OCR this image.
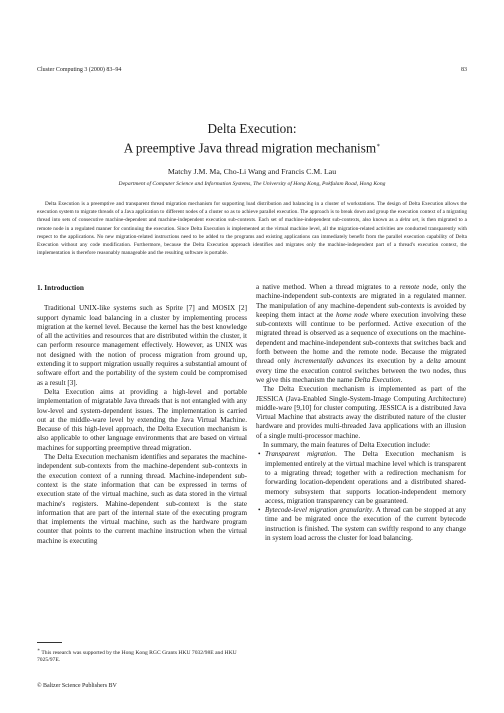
Cluster Computing 3 (2000) 83–94	83
Delta Execution:
A preemptive Java thread migration mechanism∗
Matchy J.M. Ma, Cho-Li Wang and Francis C.M. Lau
Department of Computer Science and Information Systems, The University of Hong Kong, Pokfulam Road, Hong Kong
Delta Execution is a preemptive and transparent thread migration mechanism for supporting load distribution and balancing in a cluster of workstations. The design of Delta Execution allows the execution system to migrate threads of a Java application to different nodes of a cluster so as to achieve parallel execution. The approach is to break down and group the execution context of a migrating thread into sets of consecutive machine-dependent and machine-independent execution sub-contexts. Each set of machine-independent sub-contexts, also known as a delta set, is then migrated to a remote node in a regulated manner for continuing the execution. Since Delta Execution is implemented at the virtual machine level, all the migration-related activities are conducted transparently with respect to the applications. No new migration-related instructions need to be added to the programs and existing applications can immediately benefit from the parallel execution capability of Delta Execution without any code modification. Furthermore, because the Delta Execution approach identifies and migrates only the machine-independent part of a thread's execution context, the implementation is therefore reasonably manageable and the resulting software is portable.
1. Introduction

Traditional UNIX-like systems such as Sprite [7] and MOSIX [2] support dynamic load balancing in a cluster by implementing process migration at the kernel level. Because the kernel has the best knowledge of all the activities and resources that are distributed within the cluster, it can perform resource management effectively. However, as UNIX was not designed with the notion of process migration from ground up, extending it to support migration usually requires a substantial amount of software effort and the portability of the system could be compromised as a result [3].

Delta Execution aims at providing a high-level and portable implementation of migratable Java threads that is not entangled with any low-level and system-dependent issues. The implementation is carried out at the middle-ware level by extending the Java Virtual Machine. Because of this high-level approach, the Delta Execution mechanism is also applicable to other language environments that are based on virtual machines for supporting preemptive thread migration.

The Delta Execution mechanism identifies and separates the machine-independent sub-contexts from the machine-dependent sub-contexts in the execution context of a running thread. Machine-independent sub-context is the state information that can be expressed in terms of execution state of the virtual machine, such as data stored in the virtual machine's registers. Mahine-dependent sub-context is the state information that are part of the internal state of the executing program that implements the virtual machine, such as the hardware program counter that points to the current machine instruction when the virtual machine is executing

a native method. When a thread migrates to a remote node, only the machine-independent sub-contexts are migrated in a regulated manner. The manipulation of any machine-dependent sub-contexts is avoided by keeping them intact at the home node where execution involving these sub-contexts will continue to be performed. Active execution of the migrated thread is observed as a sequence of executions on the machine-dependent and machine-independent sub-contexts that switches back and forth between the home and the remote node. Because the migrated thread only incrementally advances its execution by a delta amount every time the execution control switches between the two nodes, thus we give this mechanism the name Delta Execution.

The Delta Execution mechanism is implemented as part of the JESSICA (Java-Enabled Single-System-Image Computing Architecture) middle-ware [9,10] for cluster computing. JESSICA is a distributed Java Virtual Machine that abstracts away the distributed nature of the cluster hardware and provides multi-threaded Java applications with an illusion of a single multi-processor machine.

In summary, the main features of Delta Execution include:

• Transparent migration. The Delta Execution mechanism is implemented entirely at the virtual machine level which is transparent to a migrating thread; together with a redirection mechanism for forwarding location-dependent operations and a distributed shared-memory subsystem that supports location-independent memory access, migration transparency can be guaranteed.
• Bytecode-level migration granularity. A thread can be stopped at any time and be migrated once the execution of the current bytecode instruction is finished. The system can swiftly respond to any change in system load across the cluster for load balancing.
∗ This research was supported by the Hong Kong RGC Grants HKU 7032/98E and HKU 7025/97E.
© Baltzer Science Publishers BV
